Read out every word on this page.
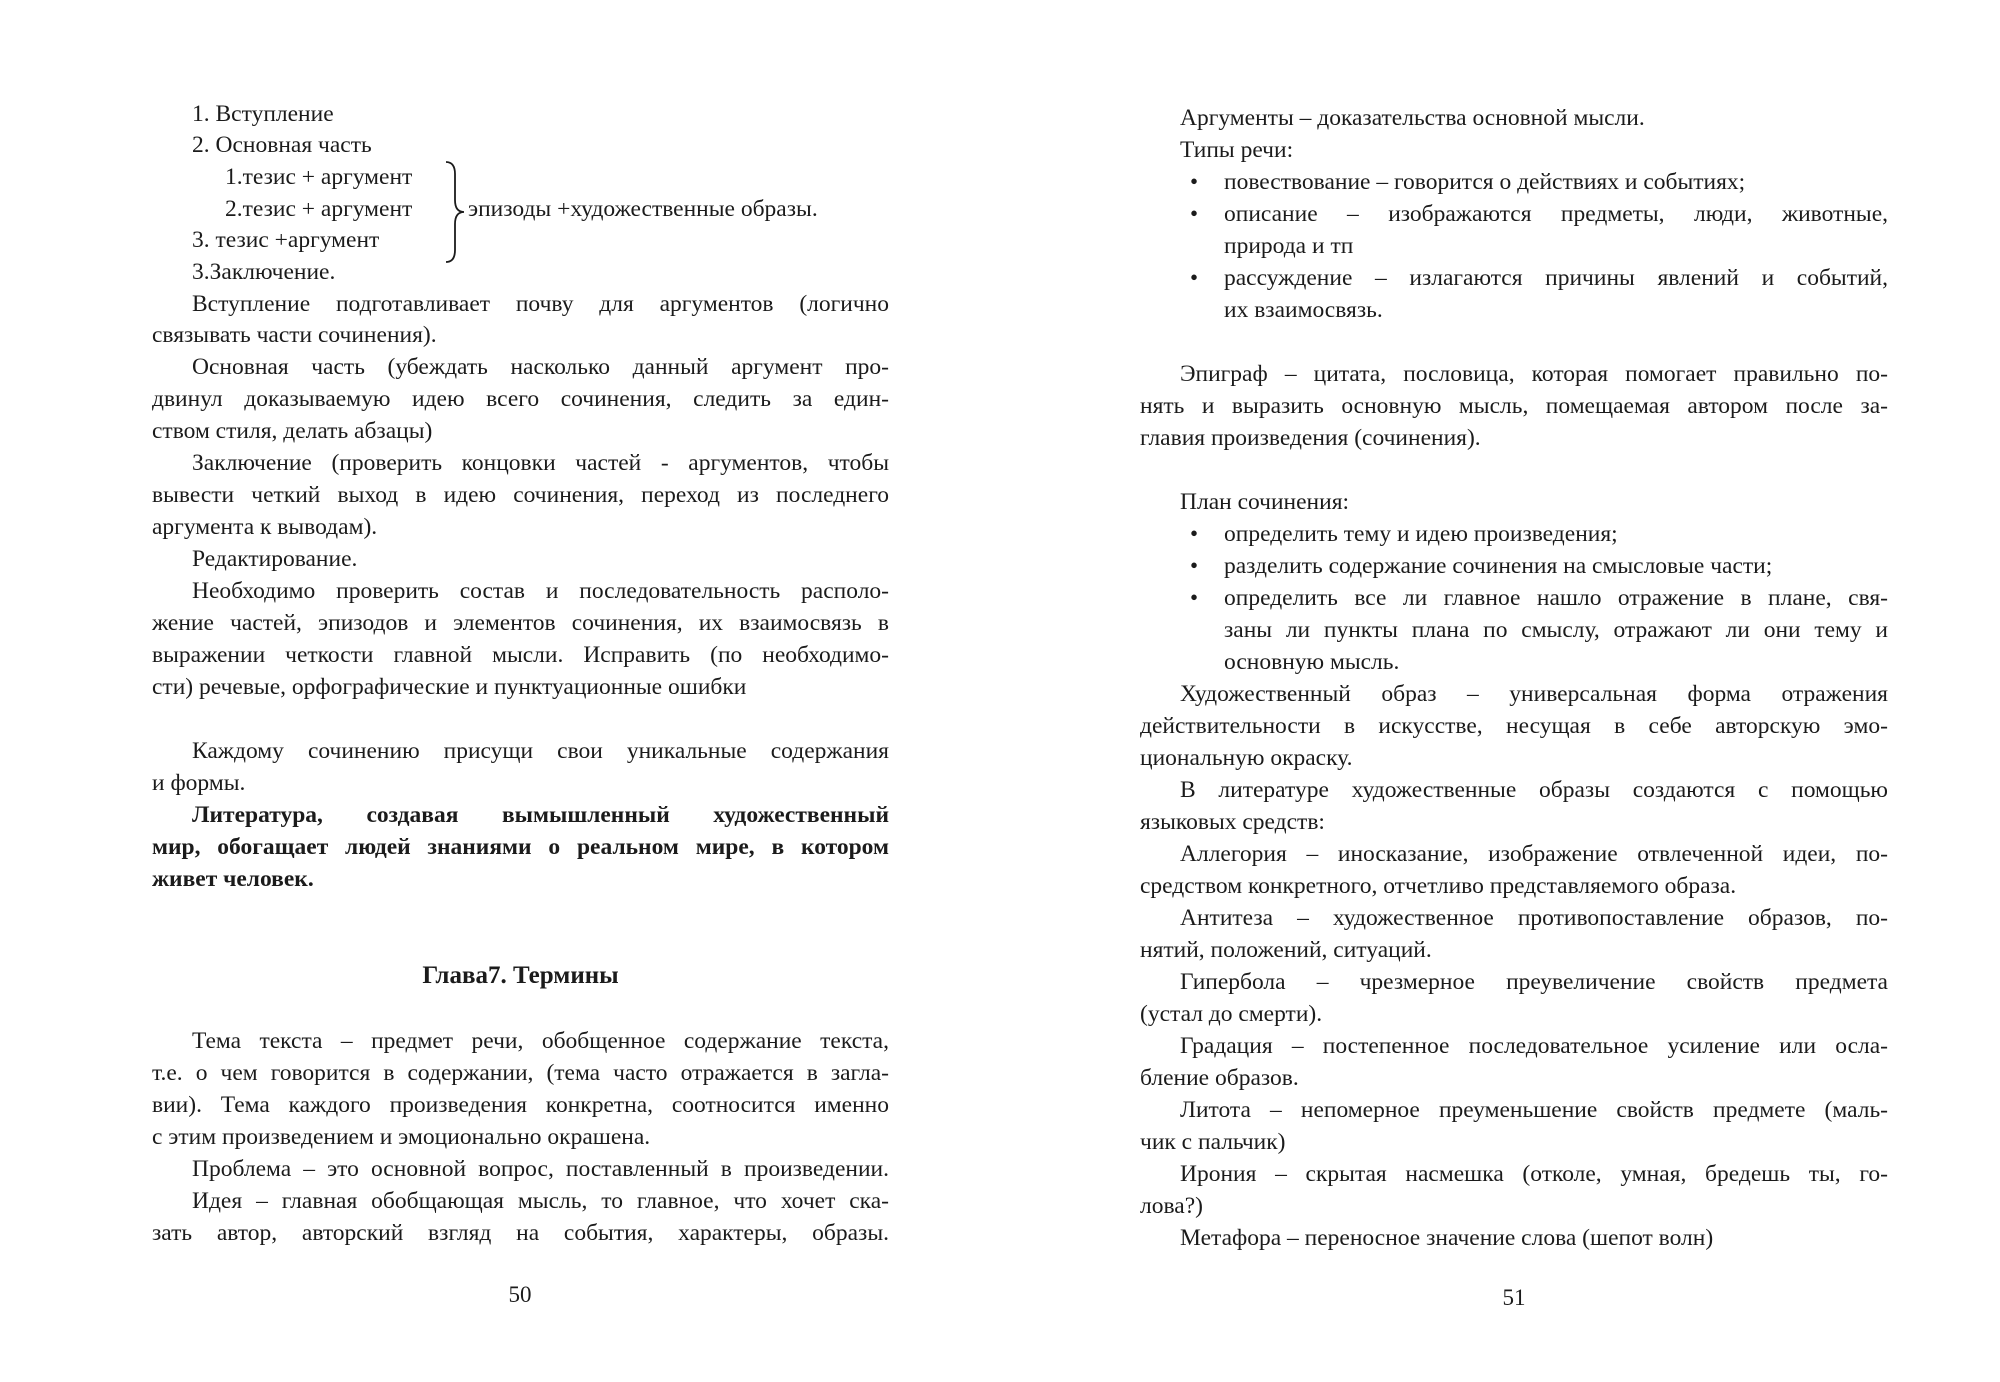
1. Вступление
2. Основная часть
1.тезис + аргумент
2.тезис + аргумент
3. тезис +аргумент
эпизоды +художественные образы.
3.Заключение.
Вступление подготавливает почву для аргументов (логично
связывать части сочинения).
Основная часть (убеждать насколько данный аргумент про-
двинул доказываемую идею всего сочинения, следить за един-
ством стиля, делать абзацы)
Заключение (проверить концовки частей - аргументов, чтобы
вывести четкий выход в идею сочинения, переход из последнего
аргумента к выводам).
Редактирование.
Необходимо проверить состав и последовательность располо-
жение частей, эпизодов и элементов сочинения, их взаимосвязь в
выражении четкости главной мысли. Исправить (по необходимо-
сти) речевые, орфографические и пунктуационные ошибки
Каждому сочинению присущи свои уникальные содержания
и формы.
Литература, создавая вымышленный художественный
мир, обогащает людей знаниями о реальном мире, в котором
живет человек.
Глава7. Термины
Тема текста – предмет речи, обобщенное содержание текста,
т.е. о чем говорится в содержании, (тема часто отражается в загла-
вии). Тема каждого произведения конкретна, соотносится именно
с этим произведением и эмоционально окрашена.
Проблема – это основной вопрос, поставленный в произведении.
Идея – главная обобщающая мысль, то главное, что хочет ска-
зать автор, авторский взгляд на события, характеры, образы.
50
Аргументы – доказательства основной мысли.
Типы речи:
• повествование – говорится о действиях и событиях;
• описание – изображаются предметы, люди, животные,
природа и тп
• рассуждение – излагаются причины явлений и событий,
их взаимосвязь.
Эпиграф – цитата, пословица, которая помогает правильно по-
нять и выразить основную мысль, помещаемая автором после за-
главия произведения (сочинения).
План сочинения:
• определить тему и идею произведения;
• разделить содержание сочинения на смысловые части;
• определить все ли главное нашло отражение в плане, свя-
заны ли пункты плана по смыслу, отражают ли они тему и
основную мысль.
Художественный образ – универсальная форма отражения
действительности в искусстве, несущая в себе авторскую эмо-
циональную окраску.
В литературе художественные образы создаются с помощью
языковых средств:
Аллегория – иносказание, изображение отвлеченной идеи, по-
средством конкретного, отчетливо представляемого образа.
Антитеза – художественное противопоставление образов, по-
нятий, положений, ситуаций.
Гипербола – чрезмерное преувеличение свойств предмета
(устал до смерти).
Градация – постепенное последовательное усиление или осла-
бление образов.
Литота – непомерное преуменьшение свойств предмете (маль-
чик с пальчик)
Ирония – скрытая насмешка (отколе, умная, бредешь ты, го-
лова?)
Метафора – переносное значение слова (шепот волн)
51
